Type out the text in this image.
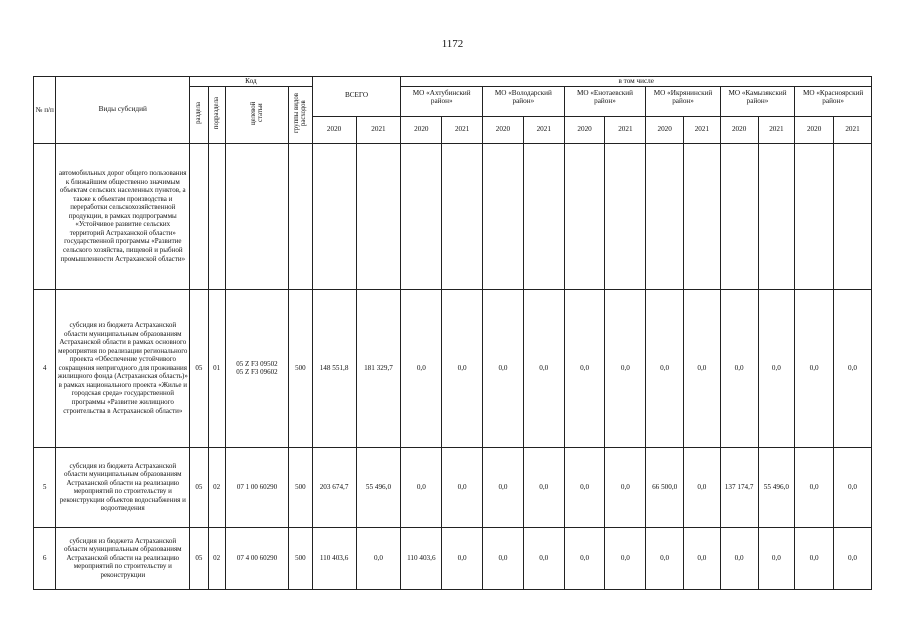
1172
№ п/п	Виды субсидий	Код				ВСЕГО		в том числе											
		раздела	подраздела	целевой статьи	группы видов расходов			МО «Ахтубинский район»		МО «Володарский район»		МО «Енотаевский район»		МО «Икрянинский район»		МО «Камызякский район»		МО «Красноярский район»	
						2020	2021	2020	2021	2020	2021	2020	2021	2020	2021	2020	2021	2020	2021
	автомобильных дорог общего пользования к ближайшим общественно значимым объектам сельских населенных пунктов, а также к объектам производства и переработки сельскохозяйственной продукции, в рамках подпрограммы «Устойчивое развитие сельских территорий Астраханской области» государственной программы «Развитие сельского хозяйства, пищевой и рыбной промышленности Астраханской области»																		
4	субсидия из бюджета Астраханской области муниципальным образованиям Астраханской области в рамках основного мероприятия по реализации регионального проекта «Обеспечение устойчивого сокращения непригодного для проживания жилищного фонда (Астраханская область)» в рамках национального проекта «Жилье и городская среда» государственной программы «Развитие жилищного строительства в Астраханской области»	05	01	05 Z F3 09502
05 Z F3 09602	500	148 551,8	181 329,7	0,0	0,0	0,0	0,0	0,0	0,0	0,0	0,0	0,0	0,0	0,0	0,0
5	субсидия из бюджета Астраханской области муниципальным образованиям Астраханской области на реализацию мероприятий по строительству и реконструкции объектов водоснабжения и водоотведения	05	02	07 1 00 60290	500	203 674,7	55 496,0	0,0	0,0	0,0	0,0	0,0	0,0	66 500,0	0,0	137 174,7	55 496,0	0,0	0,0
6	субсидия из бюджета Астраханской области муниципальным образованиям Астраханской области на реализацию мероприятий по строительству и реконструкции	05	02	07 4 00 60290	500	110 403,6	0,0	110 403,6	0,0	0,0	0,0	0,0	0,0	0,0	0,0	0,0	0,0	0,0	0,0
